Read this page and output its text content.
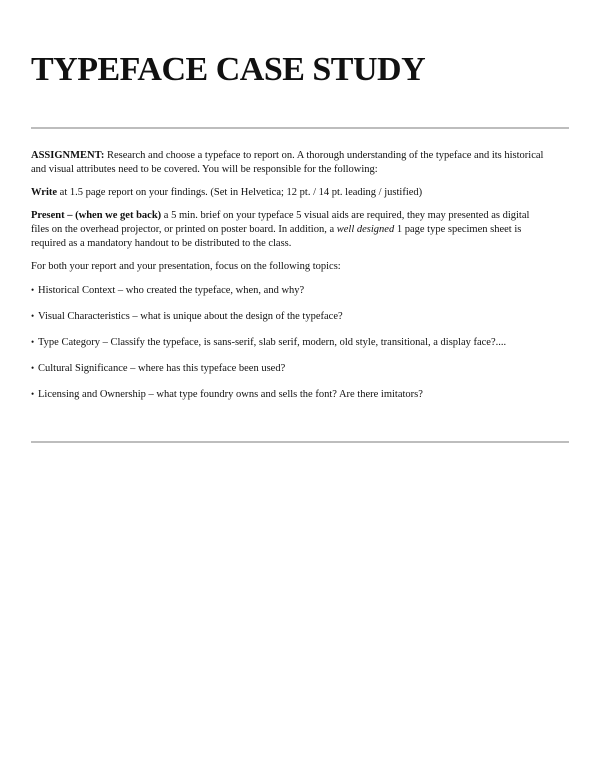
TYPEFACE CASE STUDY

ASSIGNMENT: Research and choose a typeface to report on. A thorough understanding of the typeface and its historical and visual attributes need to be covered. You will be responsible for the following:

Write at 1.5 page report on your findings. (Set in Helvetica; 12 pt. / 14 pt. leading / justified)

Present – (when we get back) a 5 min. brief on your typeface 5 visual aids are required, they may presented as digital files on the overhead projector, or printed on poster board. In addition, a well designed 1 page type specimen sheet is required as a mandatory handout to be distributed to the class.

For both your report and your presentation, focus on the following topics:

• Historical Context – who created the typeface, when, and why?
• Visual Characteristics – what is unique about the design of the typeface?
• Type Category – Classify the typeface, is sans-serif, slab serif, modern, old style, transitional, a display face?....
• Cultural Significance – where has this typeface been used?
• Licensing and Ownership – what type foundry owns and sells the font? Are there imitators?
